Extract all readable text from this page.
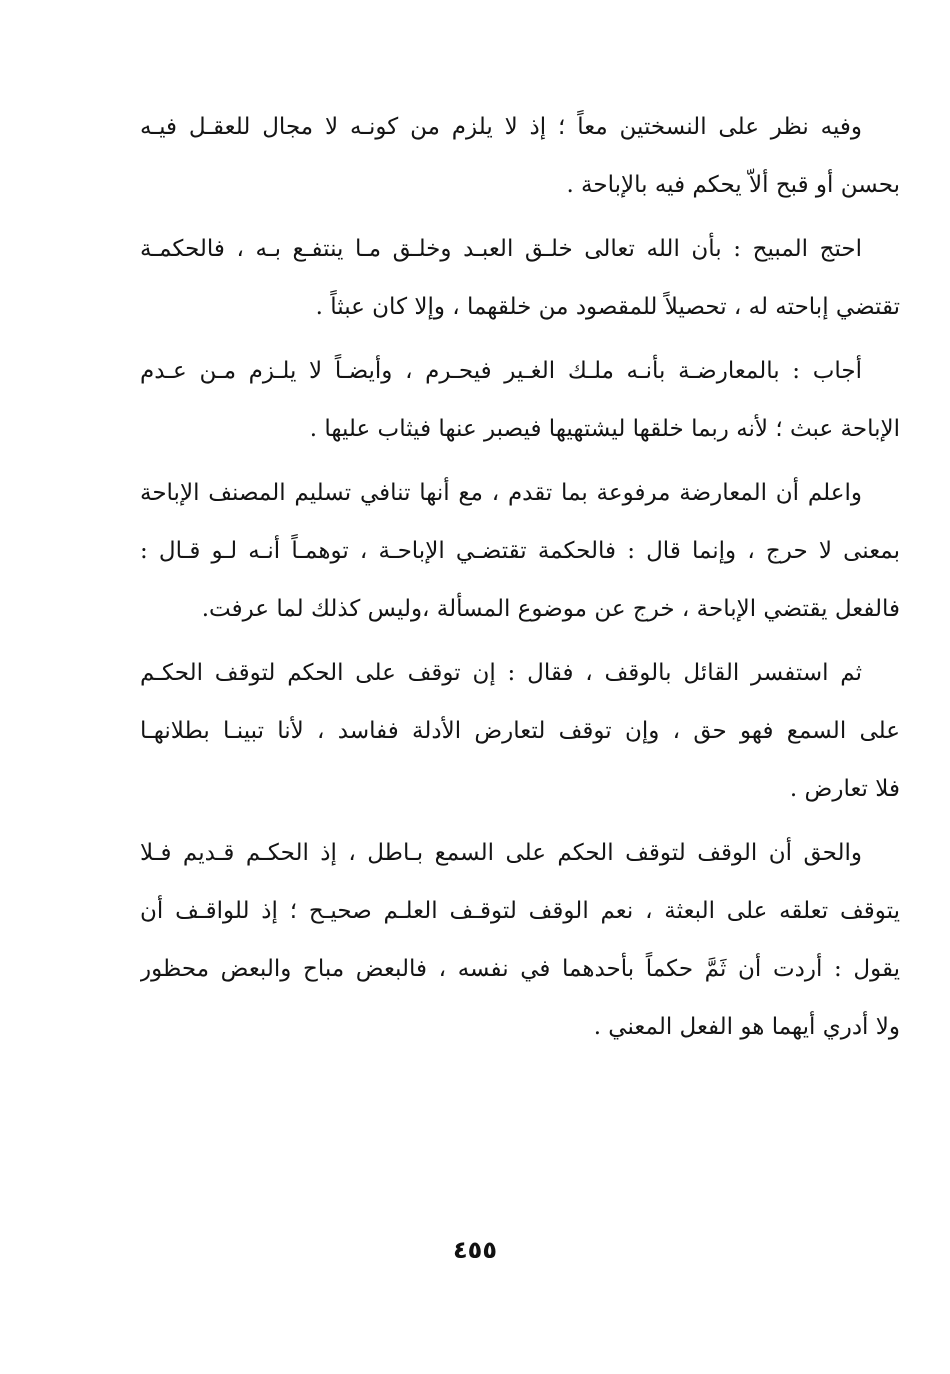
وفيه نظر على النسختين معاً ؛ إذ لا يلزم من كونـه لا مجال للعقـل فيـه
بحسن أو قبح ألاّ يحكم فيه بالإباحة .
احتج المبيح : بأن الله تعالى خلـق العبـد وخلـق مـا ينتفـع بـه ، فالحكمـة
تقتضي إباحته له ، تحصيلاً للمقصود من خلقهما ، وإلا كان عبثاً .
أجاب : بالمعارضـة بأنـه ملـك الغـير فيحـرم ، وأيضـاً لا يلـزم مـن عـدم
الإباحة عبث ؛ لأنه ربما خلقها ليشتهيها فيصبر عنها فيثاب عليها .
واعلم أن المعارضة مرفوعة بما تقدم ، مع أنها تنافي تسليم المصنف الإباحة
بمعنى لا حرج ، وإنما قال : فالحكمة تقتضـي الإباحـة ، توهمـاً أنـه لـو قـال :
فالفعل يقتضي الإباحة ، خرج عن موضوع المسألة ،وليس كذلك لما عرفت.
ثم استفسر القائل بالوقف ، فقال : إن توقف على الحكم لتوقف الحكـم
على السمع فهو حق ، وإن توقف لتعارض الأدلة ففاسد ، لأنا تبينـا بطلانهـا
فلا تعارض .
والحق أن الوقف لتوقف الحكم على السمع بـاطل ، إذ الحكـم قـديم فـلا
يتوقف تعلقه على البعثة ، نعم الوقف لتوقـف العلـم صحيـح ؛ إذ للواقـف أن
يقول : أردت أن ثَمَّ حكماً بأحدهما في نفسه ، فالبعض مباح والبعض محظور
ولا أدري أيهما هو الفعل المعني .
٤٥٥
